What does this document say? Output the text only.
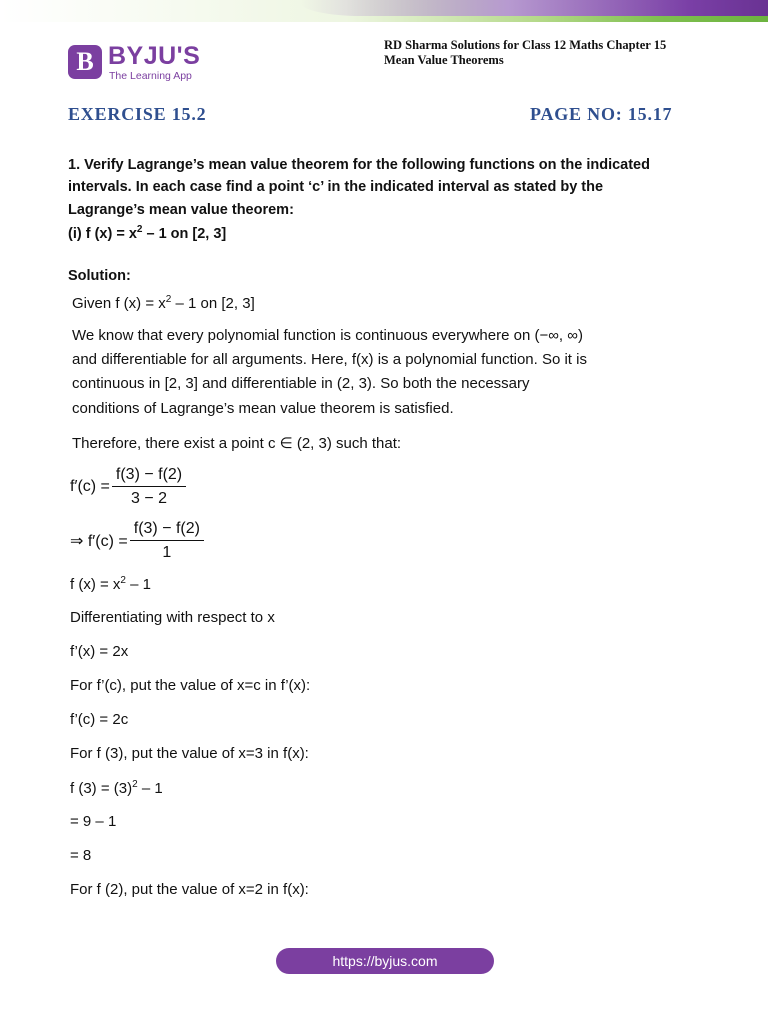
B BYJU'S
The Learning App
RD Sharma Solutions for Class 12 Maths Chapter 15
Mean Value Theorems
EXERCISE 15.2	PAGE NO: 15.17
1. Verify Lagrange’s mean value theorem for the following functions on the indicated
intervals. In each case find a point ‘c’ in the indicated interval as stated by the
Lagrange’s mean value theorem:
(i) f $(x) = x^2 - 1$ on [2, 3]
Solution:
Given f $(x) = x^2 - 1$ on [2, 3]
We know that every polynomial function is continuous everywhere on (−∞, ∞)
and differentiable for all arguments. Here, f(x) is a polynomial function. So it is
continuous in [2, 3] and differentiable in (2, 3). So both the necessary
conditions of Lagrange’s mean value theorem is satisfied.
Therefore, there exist a point c ∈ (2, 3) such that:
$f'(c) = \frac{f(3) - f(2)}{3 - 2}$
⇒ $f'(c) = \frac{f(3) - f(2)}{1}$
f $(x) = x^2 - 1$
Differentiating with respect to x
f’(x) = 2x
For f’(c), put the value of x=c in f’(x):
f’(c) = 2c
For f (3), put the value of x=3 in f(x):
f $(3) = (3)^2 - 1$
= 9 – 1
= 8
For f (2), put the value of x=2 in f(x):
https://byjus.com
